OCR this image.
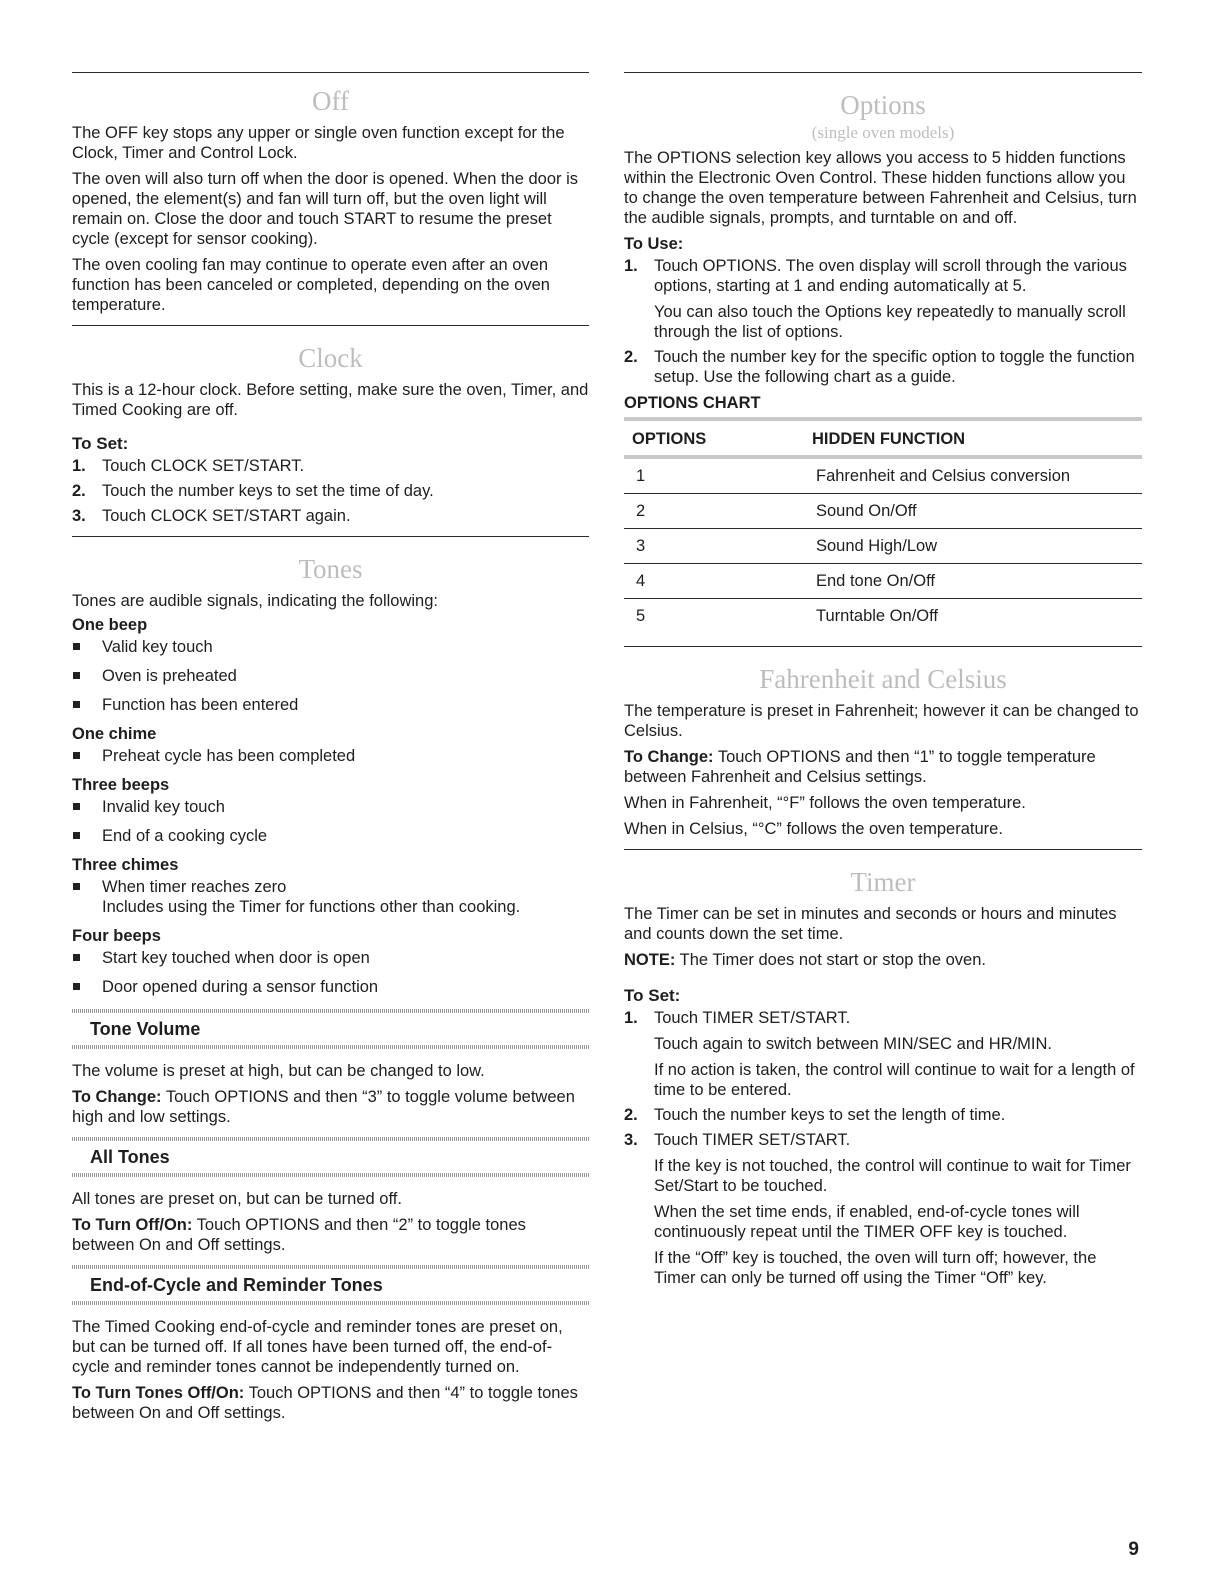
Off

The OFF key stops any upper or single oven function except for the Clock, Timer and Control Lock.

The oven will also turn off when the door is opened. When the door is opened, the element(s) and fan will turn off, but the oven light will remain on. Close the door and touch START to resume the preset cycle (except for sensor cooking).

The oven cooling fan may continue to operate even after an oven function has been canceled or completed, depending on the oven temperature.

Clock

This is a 12-hour clock. Before setting, make sure the oven, Timer, and Timed Cooking are off.

To Set:
1. Touch CLOCK SET/START.
2. Touch the number keys to set the time of day.
3. Touch CLOCK SET/START again.
Tones

Tones are audible signals, indicating the following:

One beep
Valid key touch
Oven is preheated
Function has been entered
One chime
Preheat cycle has been completed
Three beeps
Invalid key touch
End of a cooking cycle
Three chimes
When timer reaches zero
Includes using the Timer for functions other than cooking.
Four beeps
Start key touched when door is open
Door opened during a sensor function
Tone Volume

The volume is preset at high, but can be changed to low.

To Change: Touch OPTIONS and then “3” to toggle volume between high and low settings.

All Tones

All tones are preset on, but can be turned off.

To Turn Off/On: Touch OPTIONS and then “2” to toggle tones between On and Off settings.

End-of-Cycle and Reminder Tones

The Timed Cooking end-of-cycle and reminder tones are preset on, but can be turned off. If all tones have been turned off, the end-of-cycle and reminder tones cannot be independently turned on.

To Turn Tones Off/On: Touch OPTIONS and then “4” to toggle tones between On and Off settings.

Options
(single oven models)

The OPTIONS selection key allows you access to 5 hidden functions within the Electronic Oven Control. These hidden functions allow you to change the oven temperature between Fahrenheit and Celsius, turn the audible signals, prompts, and turntable on and off.

To Use:
1. Touch OPTIONS. The oven display will scroll through the various options, starting at 1 and ending automatically at 5.
You can also touch the Options key repeatedly to manually scroll through the list of options.
2. Touch the number key for the specific option to toggle the function setup. Use the following chart as a guide.
OPTIONS CHART
OPTIONS	HIDDEN FUNCTION
1	Fahrenheit and Celsius conversion
2	Sound On/Off
3	Sound High/Low
4	End tone On/Off
5	Turntable On/Off
Fahrenheit and Celsius

The temperature is preset in Fahrenheit; however it can be changed to Celsius.

To Change: Touch OPTIONS and then “1” to toggle temperature between Fahrenheit and Celsius settings.

When in Fahrenheit, “°F” follows the oven temperature.

When in Celsius, “°C” follows the oven temperature.

Timer

The Timer can be set in minutes and seconds or hours and minutes and counts down the set time.

NOTE: The Timer does not start or stop the oven.

To Set:
1. Touch TIMER SET/START.
Touch again to switch between MIN/SEC and HR/MIN.
If no action is taken, the control will continue to wait for a length of time to be entered.
2. Touch the number keys to set the length of time.
3. Touch TIMER SET/START.
If the key is not touched, the control will continue to wait for Timer Set/Start to be touched.
When the set time ends, if enabled, end-of-cycle tones will continuously repeat until the TIMER OFF key is touched.
If the “Off” key is touched, the oven will turn off; however, the Timer can only be turned off using the Timer “Off” key.
9
